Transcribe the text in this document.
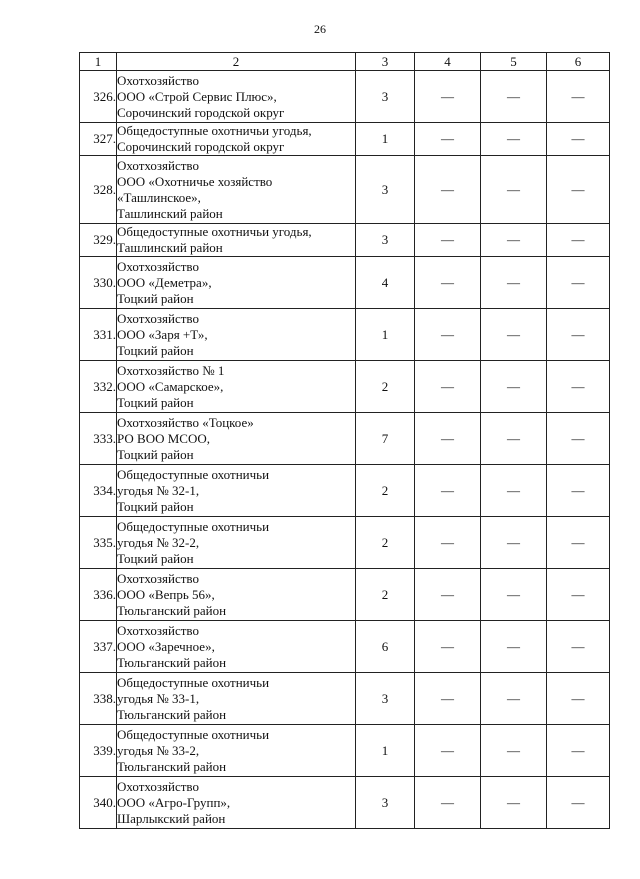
26
1	2	3	4	5	6
326.	Охотхозяйство
ООО «Строй Сервис Плюс»,
Сорочинский городской округ	3	—	—	—
327.	Общедоступные охотничьи угодья,
Сорочинский городской округ	1	—	—	—
328.	Охотхозяйство
ООО «Охотничье хозяйство
«Ташлинское»,
Ташлинский район	3	—	—	—
329.	Общедоступные охотничьи угодья,
Ташлинский район	3	—	—	—
330.	Охотхозяйство
ООО «Деметра»,
Тоцкий район	4	—	—	—
331.	Охотхозяйство
ООО «Заря +Т»,
Тоцкий район	1	—	—	—
332.	Охотхозяйство № 1
ООО «Самарское»,
Тоцкий район	2	—	—	—
333.	Охотхозяйство «Тоцкое»
РО ВОО МСОО,
Тоцкий район	7	—	—	—
334.	Общедоступные охотничьи
угодья № 32-1,
Тоцкий район	2	—	—	—
335.	Общедоступные охотничьи
угодья № 32-2,
Тоцкий район	2	—	—	—
336.	Охотхозяйство
ООО «Вепрь 56»,
Тюльганский район	2	—	—	—
337.	Охотхозяйство
ООО «Заречное»,
Тюльганский район	6	—	—	—
338.	Общедоступные охотничьи
угодья № 33-1,
Тюльганский район	3	—	—	—
339.	Общедоступные охотничьи
угодья № 33-2,
Тюльганский район	1	—	—	—
340.	Охотхозяйство
ООО «Агро-Групп»,
Шарлыкский район	3	—	—	—
